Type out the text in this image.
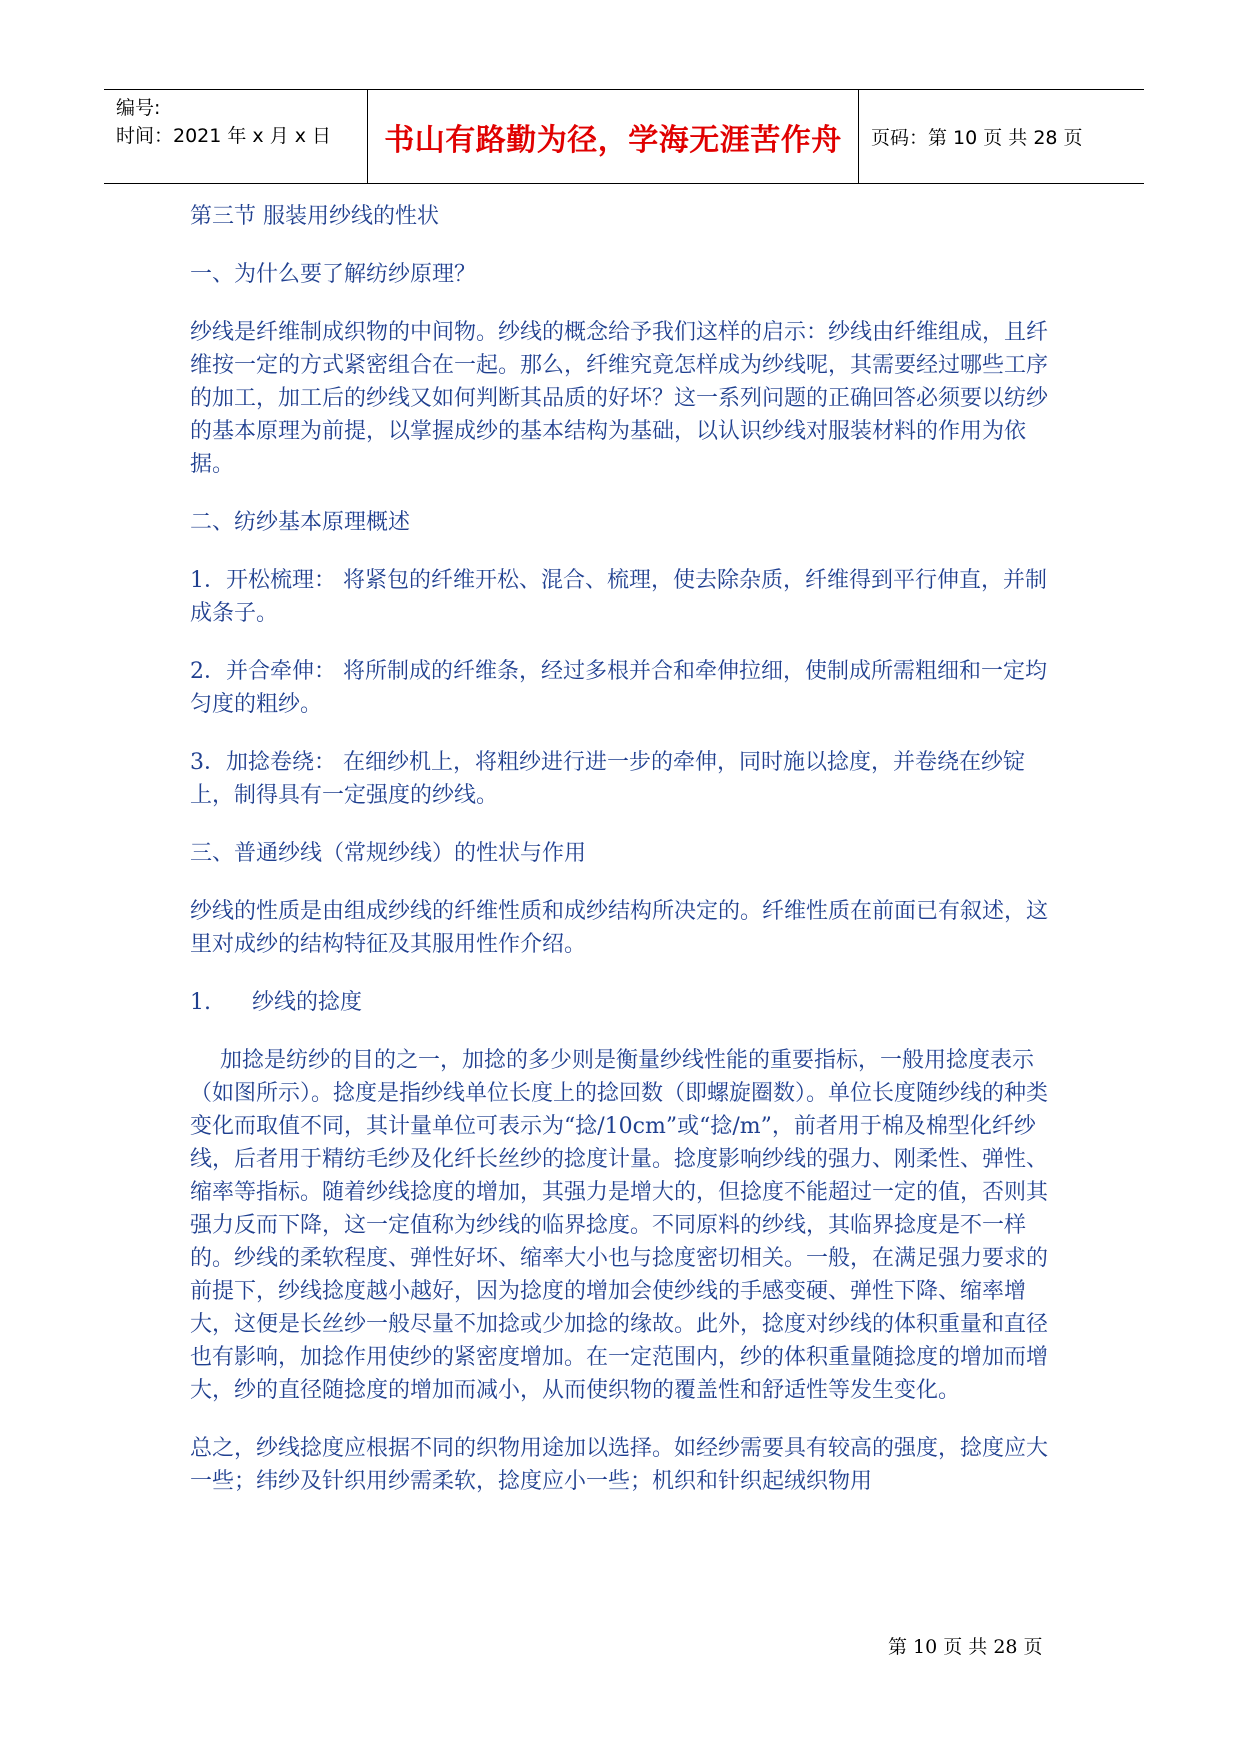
编号:
时间：2021 年 x 月 x 日	书山有路勤为径，学海无涯苦作舟	页码：第 10 页 共 28 页

第三节 服装用纱线的性状

一、为什么要了解纺纱原理？

纱线是纤维制成织物的中间物。纱线的概念给予我们这样的启示：纱线由纤维组成，且纤维按一定的方式紧密组合在一起。那么，纤维究竟怎样成为纱线呢，其需要经过哪些工序的加工，加工后的纱线又如何判断其品质的好坏？这一系列问题的正确回答必须要以纺纱的基本原理为前提，以掌握成纱的基本结构为基础，以认识纱线对服装材料的作用为依据。

二、纺纱基本原理概述

1．开松梳理： 将紧包的纤维开松、混合、梳理，使去除杂质，纤维得到平行伸直，并制成条子。

2．并合牵伸： 将所制成的纤维条，经过多根并合和牵伸拉细，使制成所需粗细和一定均匀度的粗纱。

3．加捻卷绕： 在细纱机上，将粗纱进行进一步的牵伸，同时施以捻度，并卷绕在纱锭上，制得具有一定强度的纱线。

三、普通纱线（常规纱线）的性状与作用

纱线的性质是由组成纱线的纤维性质和成纱结构所决定的。纤维性质在前面已有叙述，这里对成纱的结构特征及其服用性作介绍。

1. 纱线的捻度

加捻是纺纱的目的之一，加捻的多少则是衡量纱线性能的重要指标，一般用捻度表示（如图所示）。捻度是指纱线单位长度上的捻回数（即螺旋圈数）。单位长度随纱线的种类变化而取值不同，其计量单位可表示为“捻/10cm”或“捻/m”，前者用于棉及棉型化纤纱线，后者用于精纺毛纱及化纤长丝纱的捻度计量。捻度影响纱线的强力、刚柔性、弹性、缩率等指标。随着纱线捻度的增加，其强力是增大的，但捻度不能超过一定的值，否则其强力反而下降，这一定值称为纱线的临界捻度。不同原料的纱线，其临界捻度是不一样的。纱线的柔软程度、弹性好坏、缩率大小也与捻度密切相关。一般，在满足强力要求的前提下，纱线捻度越小越好，因为捻度的增加会使纱线的手感变硬、弹性下降、缩率增大，这便是长丝纱一般尽量不加捻或少加捻的缘故。此外，捻度对纱线的体积重量和直径也有影响，加捻作用使纱的紧密度增加。在一定范围内，纱的体积重量随捻度的增加而增大，纱的直径随捻度的增加而减小，从而使织物的覆盖性和舒适性等发生变化。

总之，纱线捻度应根据不同的织物用途加以选择。如经纱需要具有较高的强度，捻度应大一些；纬纱及针织用纱需柔软，捻度应小一些；机织和针织起绒织物用

第 10 页 共 28 页
